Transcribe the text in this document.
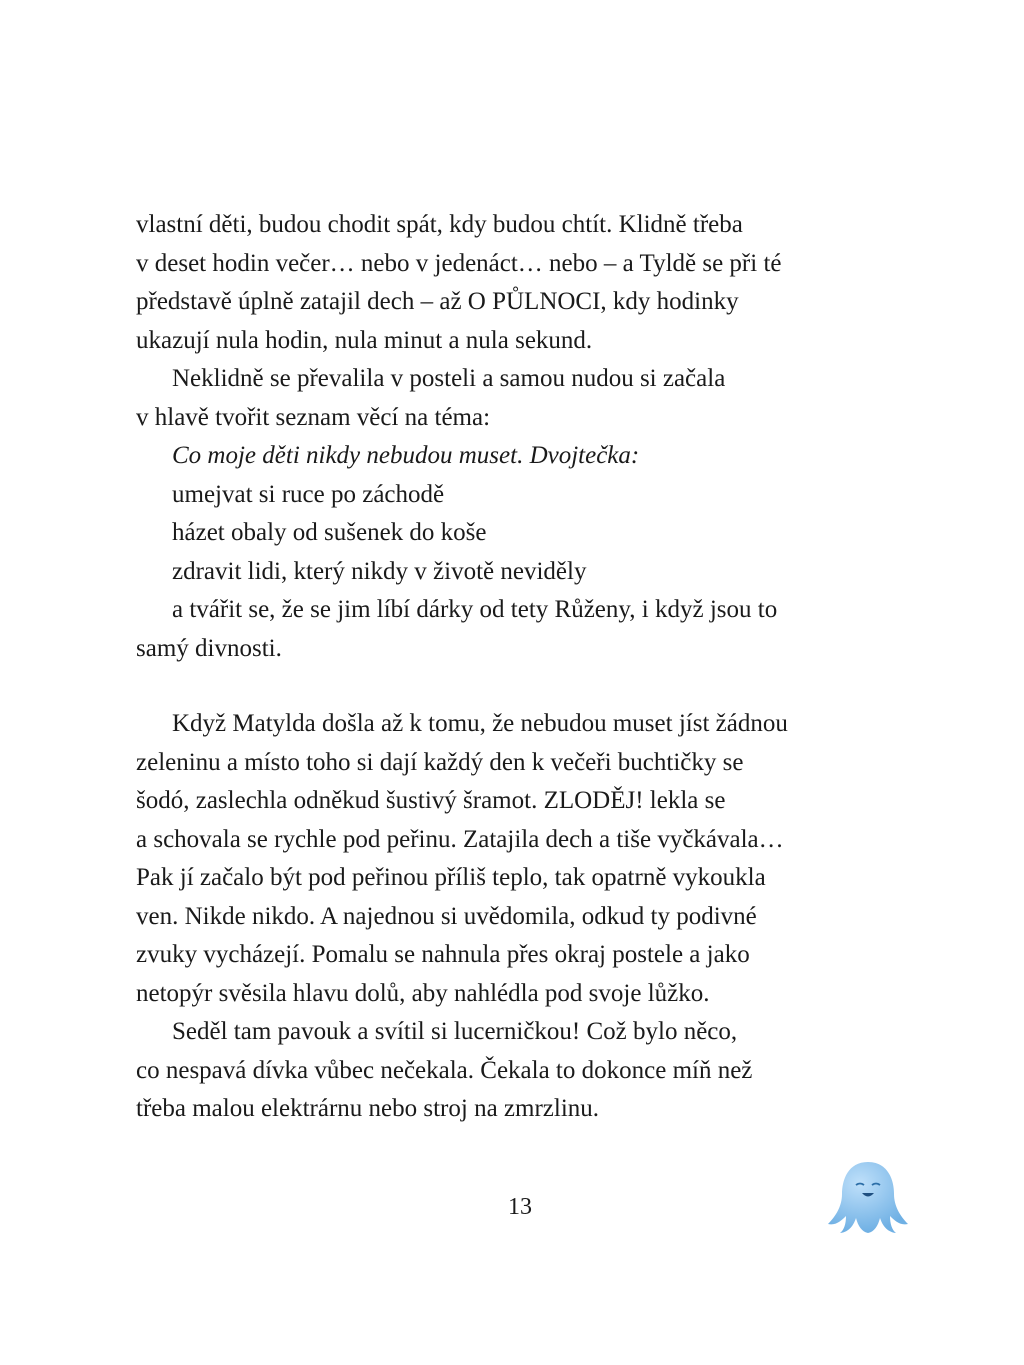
vlastní děti, budou chodit spát, kdy budou chtít. Klidně třeba
v deset hodin večer… nebo v jedenáct… nebo – a Tyldě se při té
představě úplně zatajil dech – až O PŮLNOCI, kdy hodinky
ukazují nula hodin, nula minut a nula sekund.
Neklidně se převalila v posteli a samou nudou si začala
v hlavě tvořit seznam věcí na téma:
Co moje děti nikdy nebudou muset. Dvojtečka:
umejvat si ruce po záchodě
házet obaly od sušenek do koše
zdravit lidi, který nikdy v životě neviděly
a tvářit se, že se jim líbí dárky od tety Růženy, i když jsou to
samý divnosti.
Když Matylda došla až k tomu, že nebudou muset jíst žádnou
zeleninu a místo toho si dají každý den k večeři buchtičky se
šodó, zaslechla odněkud šustivý šramot. ZLODĚJ! lekla se
a schovala se rychle pod peřinu. Zatajila dech a tiše vyčkávala…
Pak jí začalo být pod peřinou příliš teplo, tak opatrně vykoukla
ven. Nikde nikdo. A najednou si uvědomila, odkud ty podivné
zvuky vycházejí. Pomalu se nahnula přes okraj postele a jako
netopýr svěsila hlavu dolů, aby nahlédla pod svoje lůžko.
Seděl tam pavouk a svítil si lucerničkou! Což bylo něco,
co nespavá dívka vůbec nečekala. Čekala to dokonce míň než
třeba malou elektrárnu nebo stroj na zmrzlinu.
13
